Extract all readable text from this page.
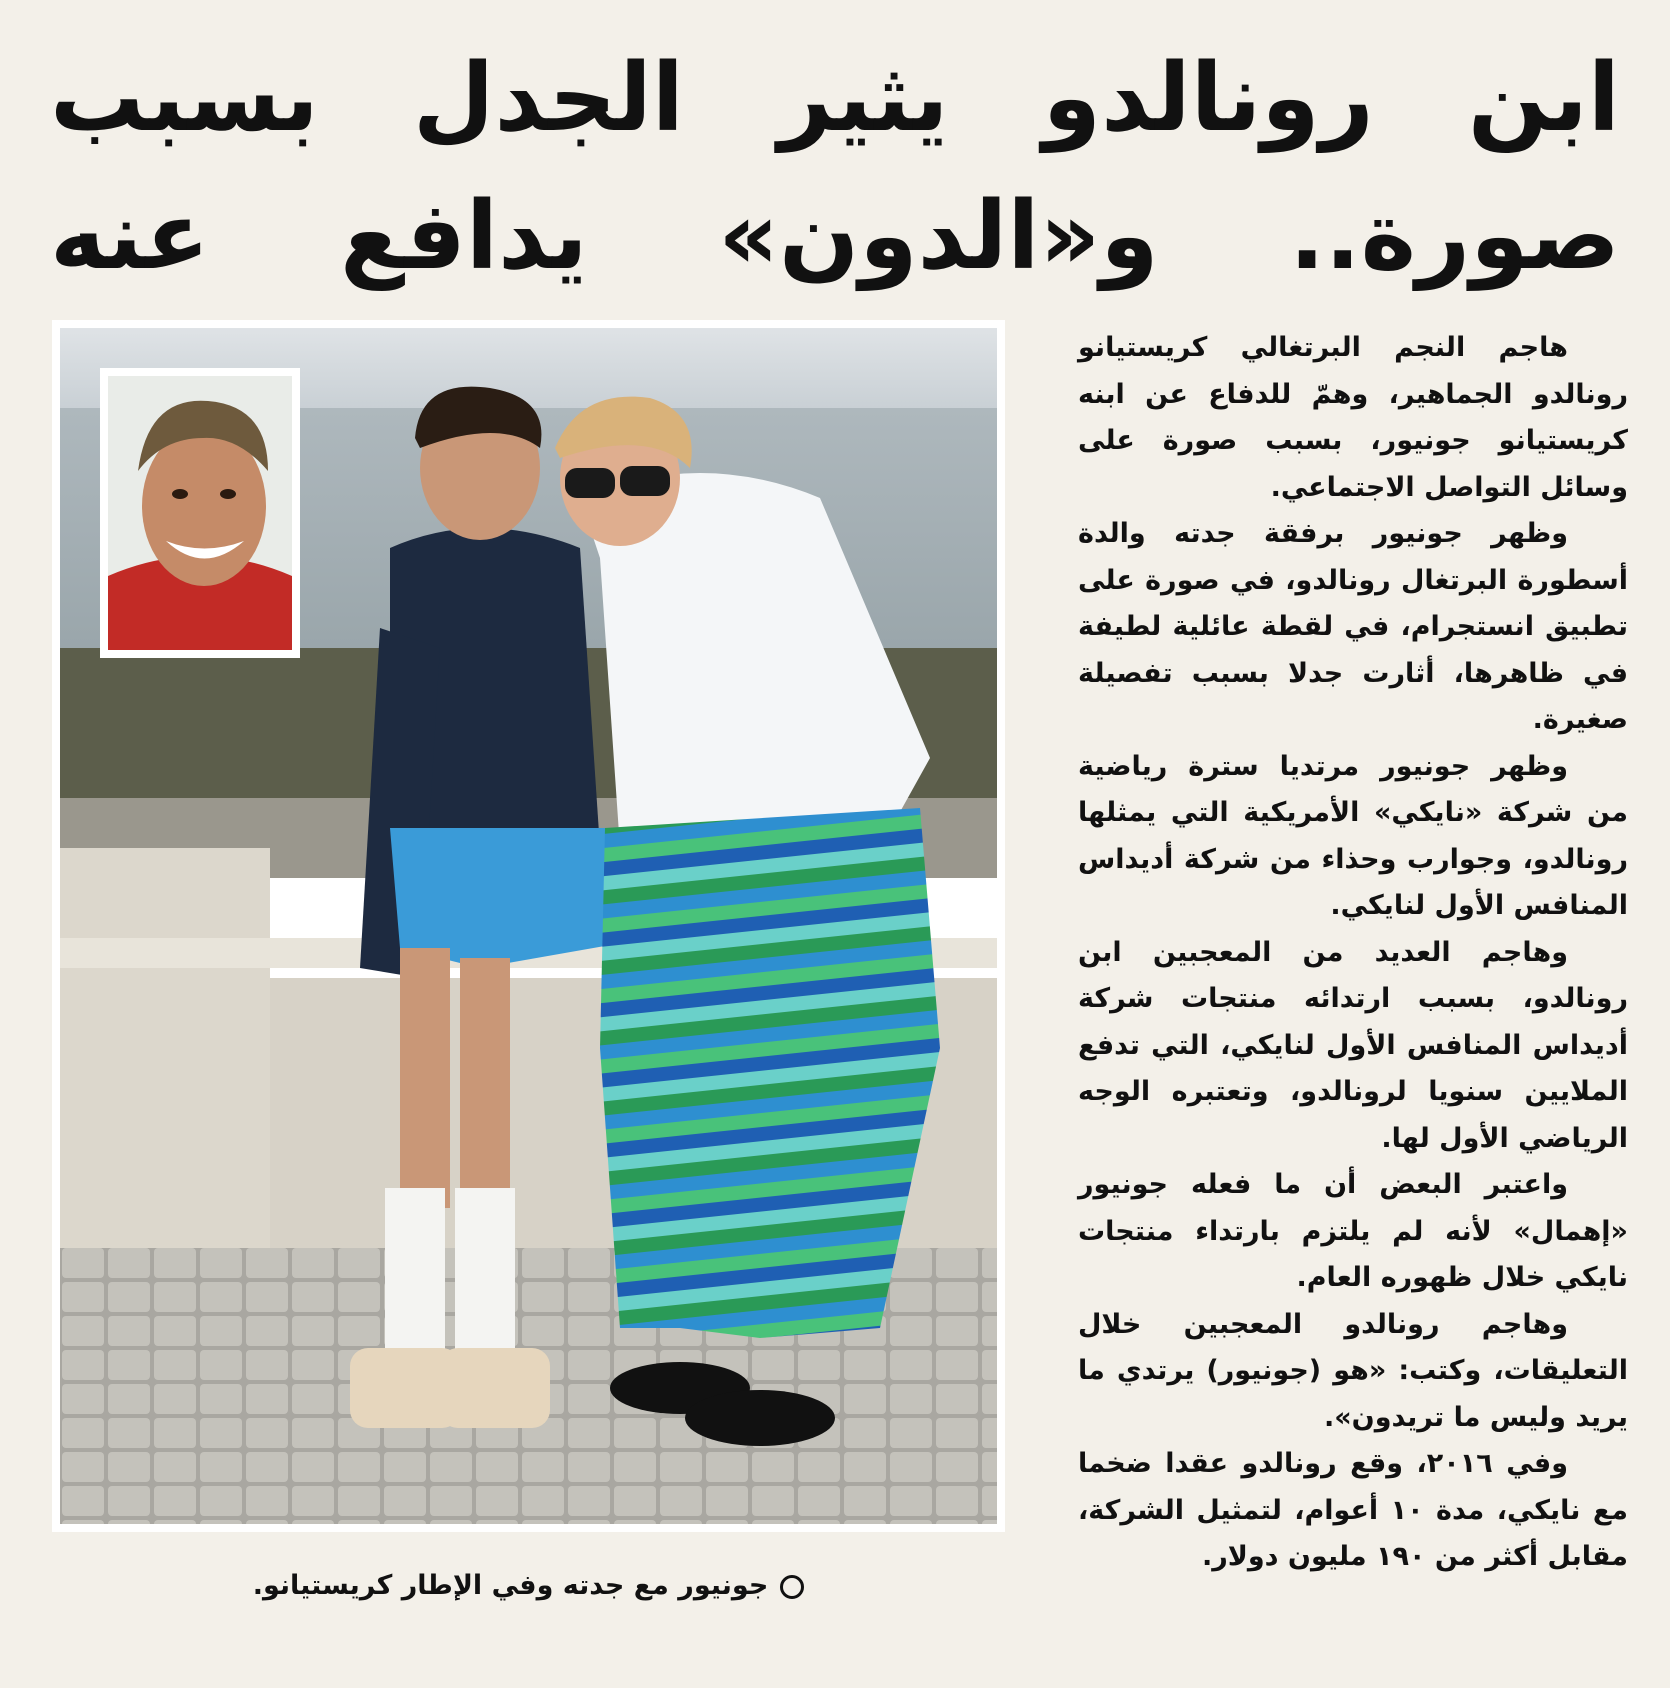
ابن رونالدو يثير الجدل بسبب
صورة.. و«الدون» يدافع عنه

هاجم النجم البرتغالي كريستيانو رونالدو الجماهير، وهمّ للدفاع عن ابنه كريستيانو جونيور، بسبب صورة على وسائل التواصل الاجتماعي.

وظهر جونيور برفقة جدته والدة أسطورة البرتغال رونالدو، في صورة على تطبيق انستجرام، في لقطة عائلية لطيفة في ظاهرها، أثارت جدلا بسبب تفصيلة صغيرة.

وظهر جونيور مرتديا سترة رياضية من شركة «نايكي» الأمريكية التي يمثلها رونالدو، وجوارب وحذاء من شركة أديداس المنافس الأول لنايكي.

وهاجم العديد من المعجبين ابن رونالدو، بسبب ارتدائه منتجات شركة أديداس المنافس الأول لنايكي، التي تدفع الملايين سنويا لرونالدو، وتعتبره الوجه الرياضي الأول لها.

واعتبر البعض أن ما فعله جونيور «إهمال» لأنه لم يلتزم بارتداء منتجات نايكي خلال ظهوره العام.

وهاجم رونالدو المعجبين خلال التعليقات، وكتب: «هو (جونيور) يرتدي ما يريد وليس ما تريدون».

وفي ٢٠١٦، وقع رونالدو عقدا ضخما مع نايكي، مدة ١٠ أعوام، لتمثيل الشركة، مقابل أكثر من ١٩٠ مليون دولار.

جونيور مع جدته وفي الإطار كريستيانو.
